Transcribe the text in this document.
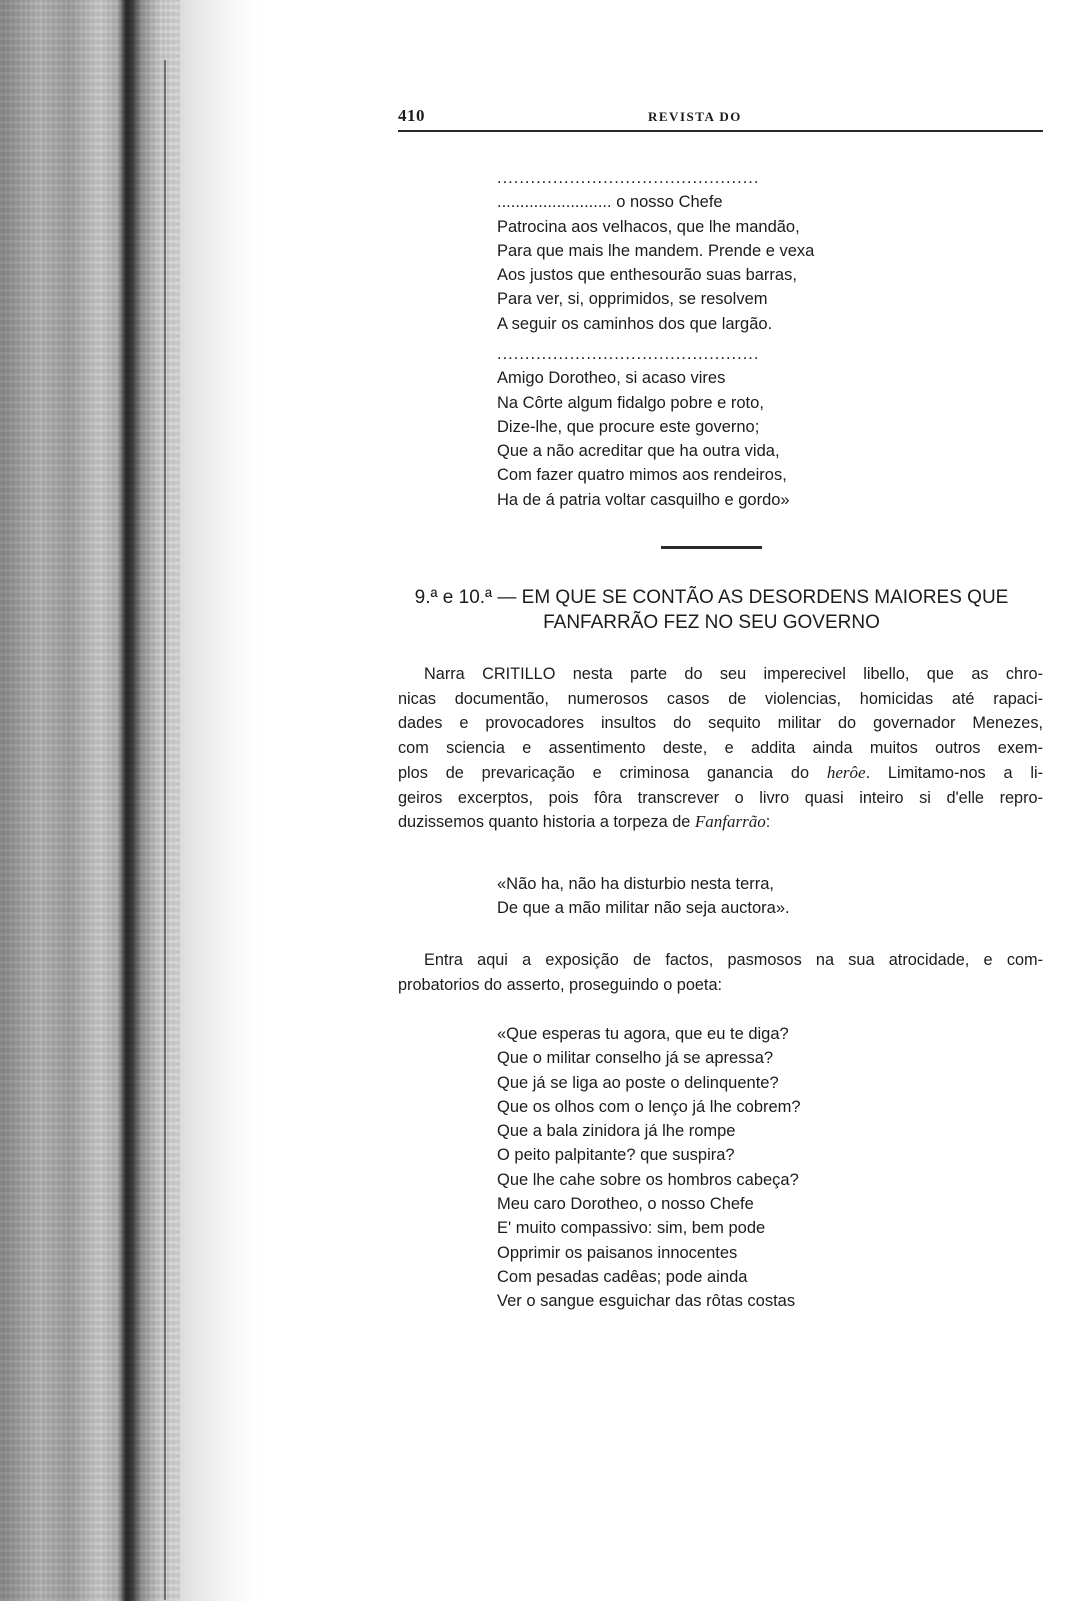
410	REVISTA DO
...............................................
......................... o nosso Chefe
Patrocina aos velhacos, que lhe mandão,
Para que mais lhe mandem. Prende e vexa
Aos justos que enthesourão suas barras,
Para ver, si, opprimidos, se resolvem
A seguir os caminhos dos que largão.
...............................................
Amigo Dorotheo, si acaso vires
Na Côrte algum fidalgo pobre e roto,
Dize-lhe, que procure este governo;
Que a não acreditar que ha outra vida,
Com fazer quatro mimos aos rendeiros,
Ha de á patria voltar casquilho e gordo»
9.ª e 10.ª — EM QUE SE CONTÃO AS DESORDENS MAIORES QUE
FANFARRÃO FEZ NO SEU GOVERNO
Narra CRITILLO nesta parte do seu imperecivel libello, que as chro-
nicas documentão, numerosos casos de violencias, homicidas até rapaci-
dades e provocadores insultos do sequito militar do governador Menezes,
com sciencia e assentimento deste, e addita ainda muitos outros exem-
plos de prevaricação e criminosa ganancia do herôe. Limitamo-nos a li-
geiros excerptos, pois fôra transcrever o livro quasi inteiro si d'elle repro-
duzissemos quanto historia a torpeza de Fanfarrão:
«Não ha, não ha disturbio nesta terra,
De que a mão militar não seja auctora».
Entra aqui a exposição de factos, pasmosos na sua atrocidade, e com-
probatorios do asserto, proseguindo o poeta:
«Que esperas tu agora, que eu te diga?
Que o militar conselho já se apressa?
Que já se liga ao poste o delinquente?
Que os olhos com o lenço já lhe cobrem?
Que a bala zinidora já lhe rompe
O peito palpitante? que suspira?
Que lhe cahe sobre os hombros cabeça?
Meu caro Dorotheo, o nosso Chefe
E' muito compassivo: sim, bem pode
Opprimir os paisanos innocentes
Com pesadas cadêas; pode ainda
Ver o sangue esguichar das rôtas costas
